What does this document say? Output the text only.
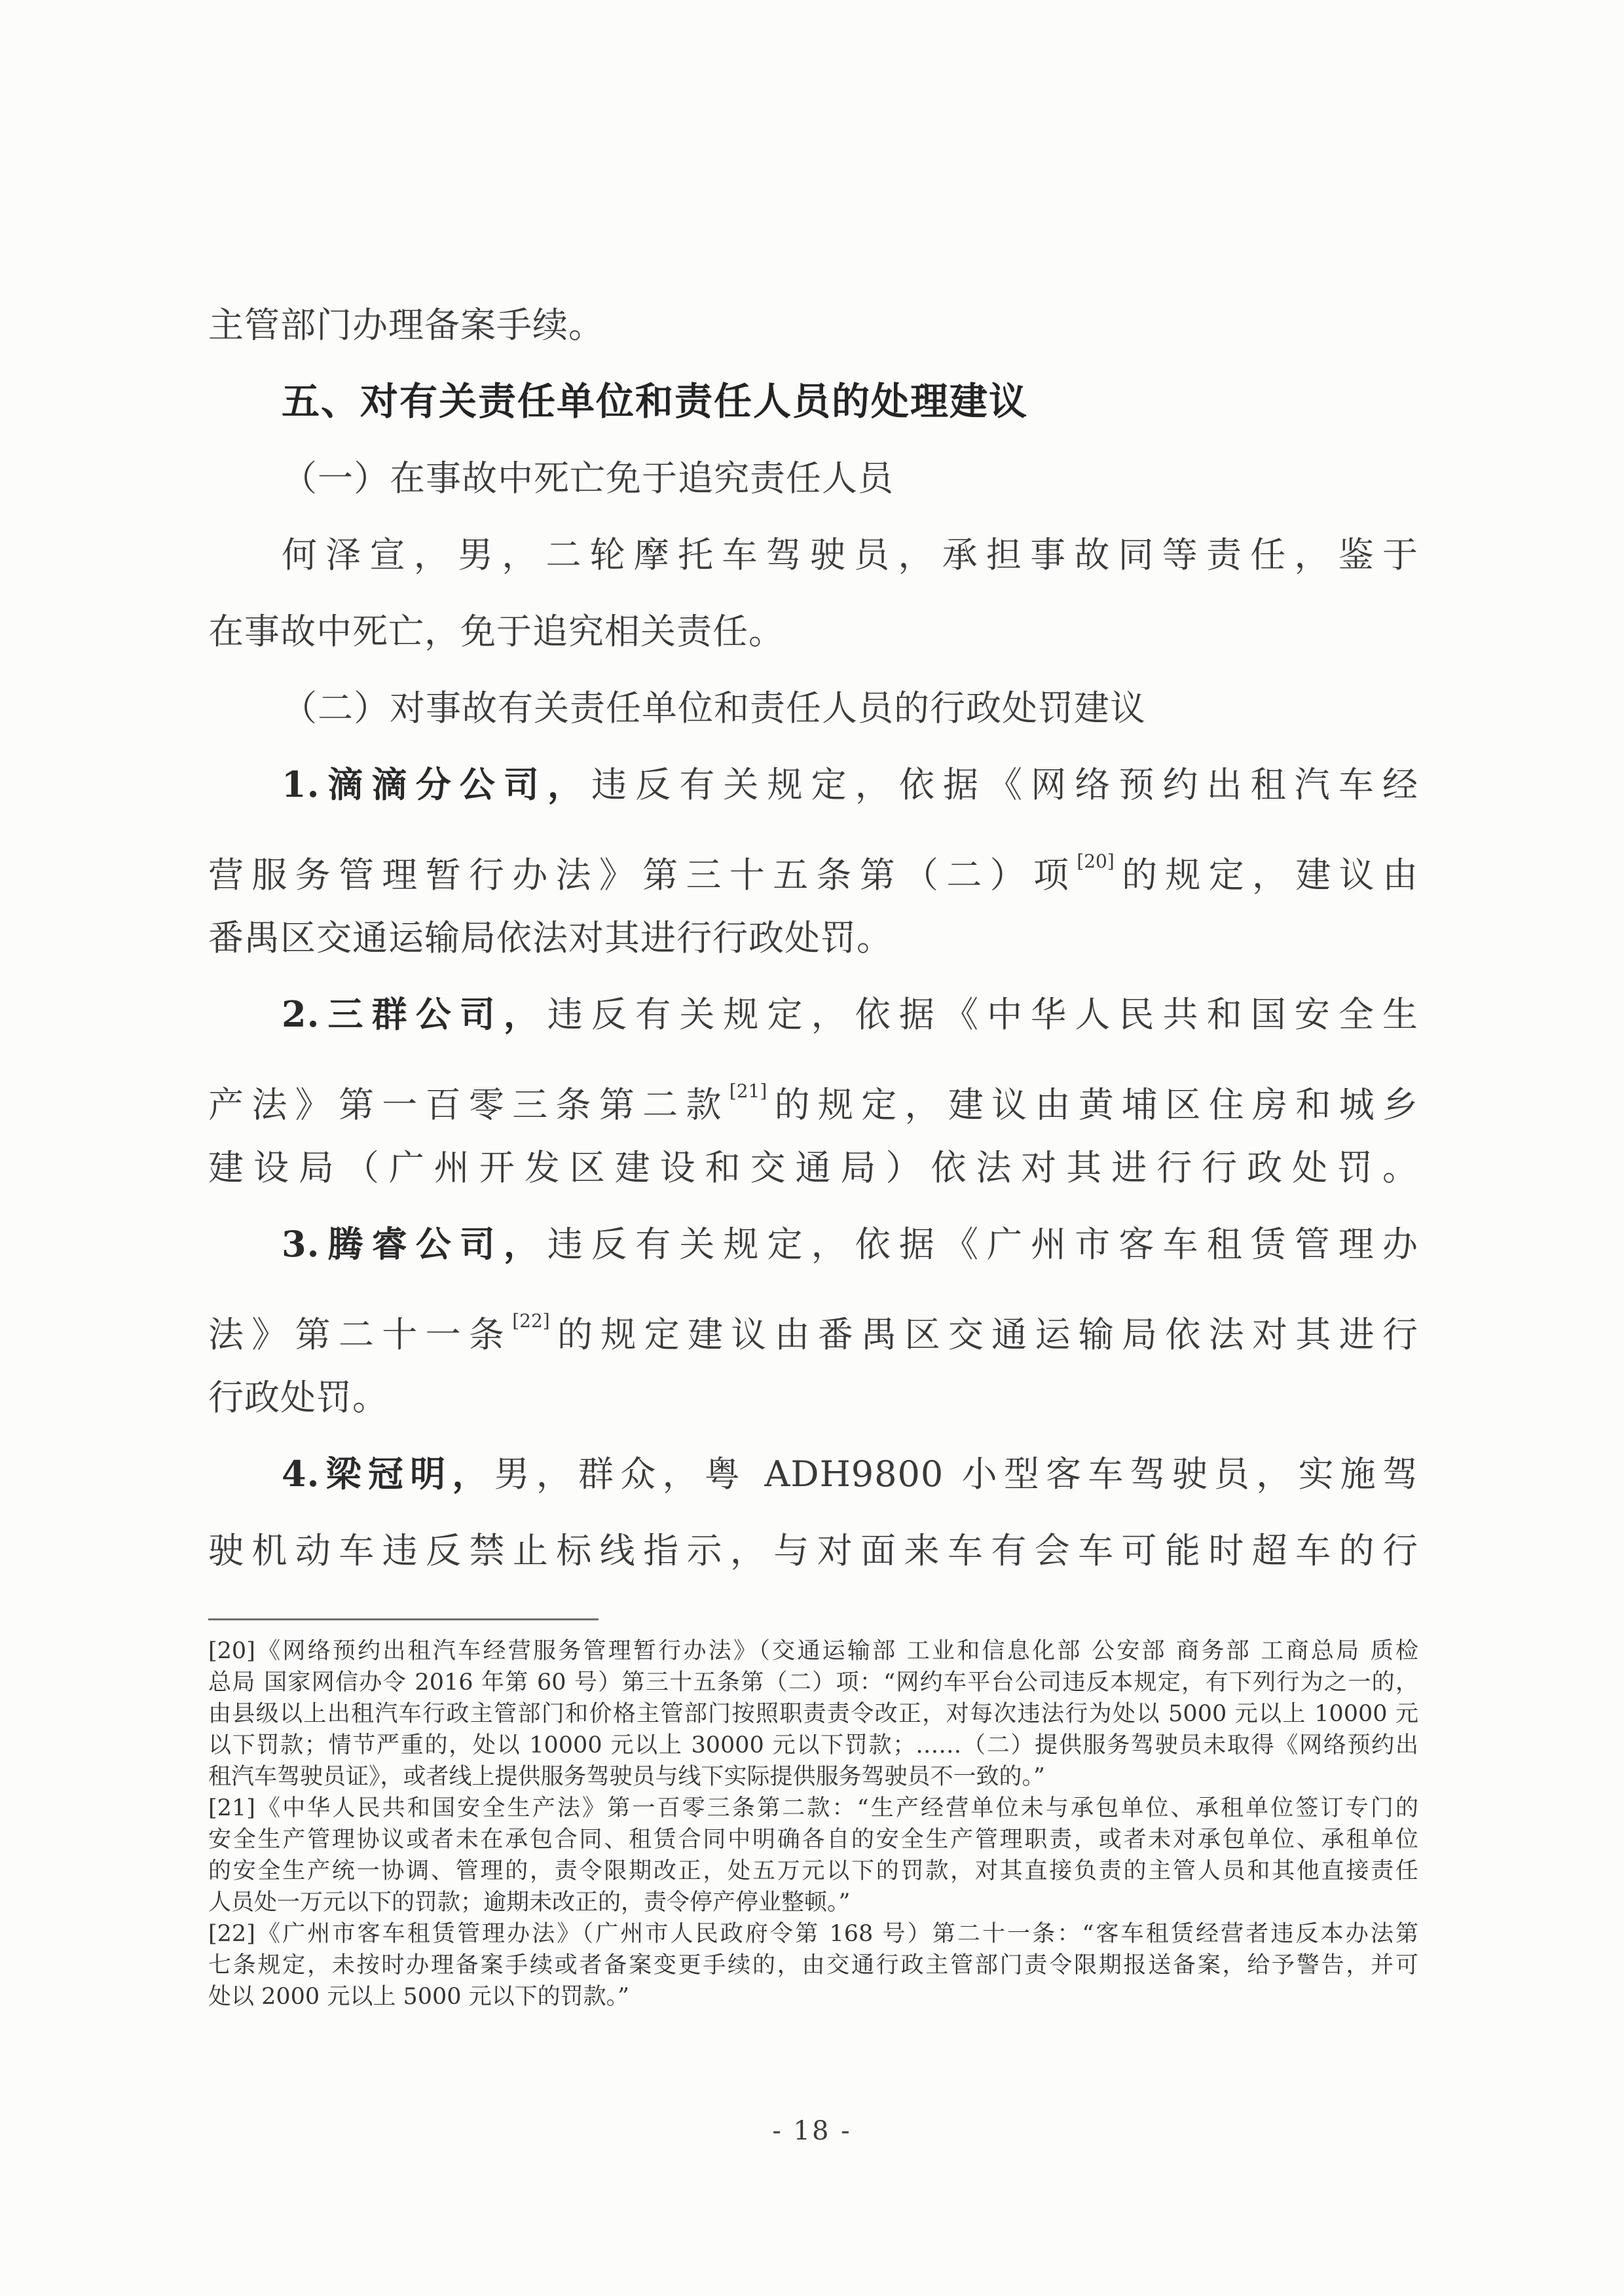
主管部门办理备案手续。
五、对有关责任单位和责任人员的处理建议
（一）在事故中死亡免于追究责任人员
何泽宣，男，二轮摩托车驾驶员，承担事故同等责任，鉴于
在事故中死亡，免于追究相关责任。
（二）对事故有关责任单位和责任人员的行政处罚建议
1.滴滴分公司，违反有关规定，依据《网络预约出租汽车经
营服务管理暂行办法》第三十五条第（二）项[20]的规定，建议由
番禺区交通运输局依法对其进行行政处罚。
2.三群公司，违反有关规定，依据《中华人民共和国安全生
产法》第一百零三条第二款[21]的规定，建议由黄埔区住房和城乡
建设局（广州开发区建设和交通局）依法对其进行行政处罚。
3.腾睿公司，违反有关规定，依据《广州市客车租赁管理办
法》第二十一条[22]的规定建议由番禺区交通运输局依法对其进行
行政处罚。
4.梁冠明，男，群众，粤 ADH9800 小型客车驾驶员，实施驾
驶机动车违反禁止标线指示，与对面来车有会车可能时超车的行
[20]《网络预约出租汽车经营服务管理暂行办法》（交通运输部 工业和信息化部 公安部 商务部 工商总局 质检
总局 国家网信办令 2016 年第 60 号）第三十五条第（二）项：“网约车平台公司违反本规定，有下列行为之一的，
由县级以上出租汽车行政主管部门和价格主管部门按照职责责令改正，对每次违法行为处以 5000 元以上 10000 元
以下罚款；情节严重的，处以 10000 元以上 30000 元以下罚款；……（二）提供服务驾驶员未取得《网络预约出
租汽车驾驶员证》，或者线上提供服务驾驶员与线下实际提供服务驾驶员不一致的。”
[21]《中华人民共和国安全生产法》第一百零三条第二款：“生产经营单位未与承包单位、承租单位签订专门的
安全生产管理协议或者未在承包合同、租赁合同中明确各自的安全生产管理职责，或者未对承包单位、承租单位
的安全生产统一协调、管理的，责令限期改正，处五万元以下的罚款，对其直接负责的主管人员和其他直接责任
人员处一万元以下的罚款；逾期未改正的，责令停产停业整顿。”
[22]《广州市客车租赁管理办法》（广州市人民政府令第 168 号）第二十一条：“客车租赁经营者违反本办法第
七条规定，未按时办理备案手续或者备案变更手续的，由交通行政主管部门责令限期报送备案，给予警告，并可
处以 2000 元以上 5000 元以下的罚款。”
- 18 -
